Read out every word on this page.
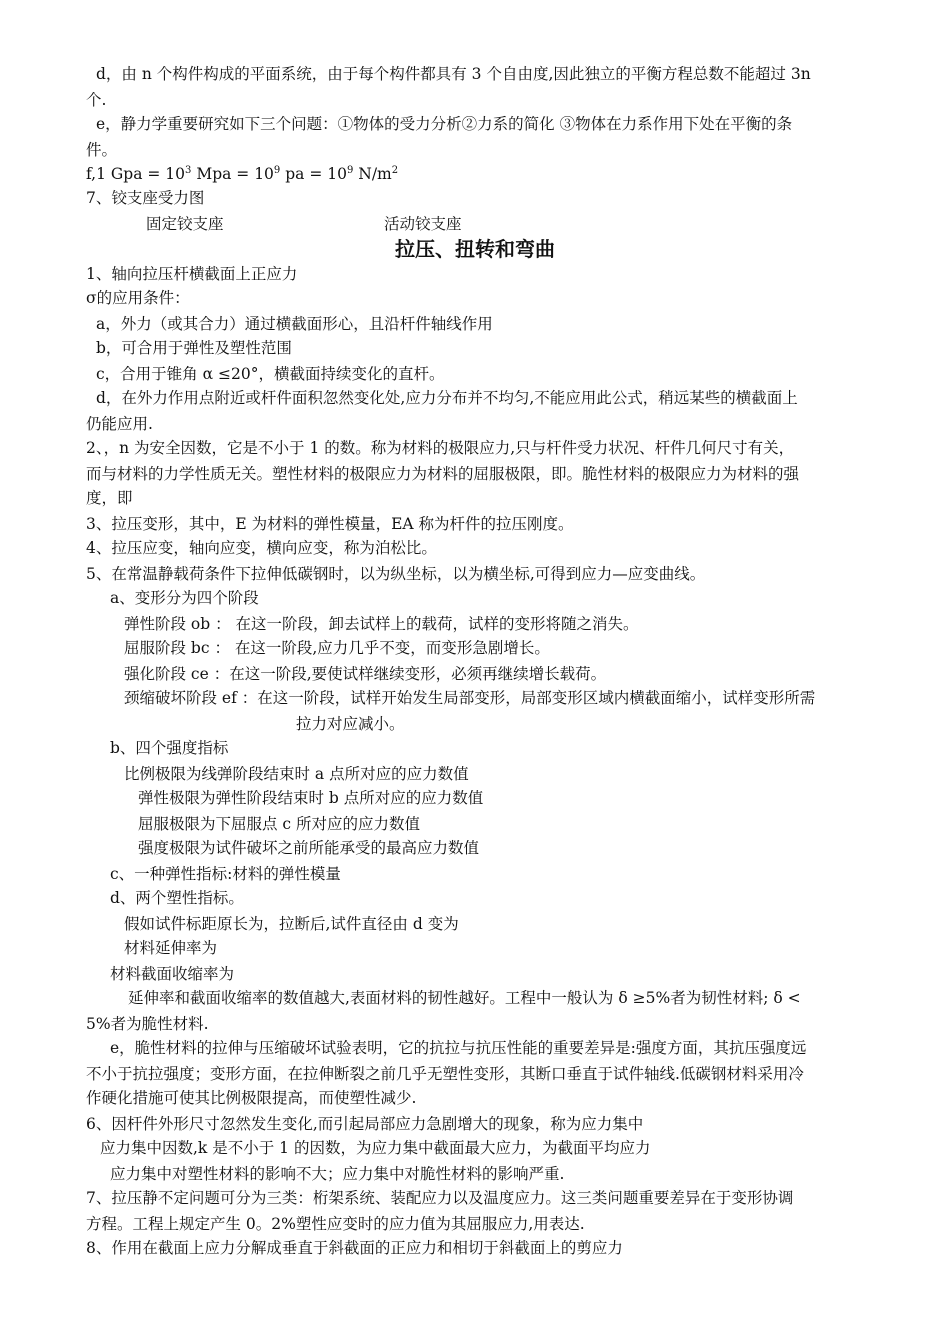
d，由 n 个构件构成的平面系统，由于每个构件都具有 3 个自由度,因此独立的平衡方程总数不能超过 3n
个.
e，静力学重要研究如下三个问题：①物体的受力分析②力系的简化 ③物体在力系作用下处在平衡的条
件。
f,1 Gpa = $10^3$ Mpa = $10^9$ pa = $10^9$ $N/m^2$
7、铰支座受力图
固定铰支座	活动铰支座
拉压、扭转和弯曲
1、轴向拉压杆横截面上正应力
σ的应用条件：
a，外力（或其合力）通过横截面形心，且沿杆件轴线作用
b，可合用于弹性及塑性范围
c，合用于锥角 α ≤20°，横截面持续变化的直杆。
d，在外力作用点附近或杆件面积忽然变化处,应力分布并不均匀,不能应用此公式，稍远某些的横截面上
仍能应用.
2、，n 为安全因数，它是不小于 1 的数。称为材料的极限应力,只与杆件受力状况、杆件几何尺寸有关，
而与材料的力学性质无关。塑性材料的极限应力为材料的屈服极限，即。脆性材料的极限应力为材料的强
度，即
3、拉压变形，其中，E 为材料的弹性模量，EA 称为杆件的拉压刚度。
4、拉压应变，轴向应变，横向应变，称为泊松比。
5、在常温静载荷条件下拉伸低碳钢时，以为纵坐标，以为横坐标,可得到应力—应变曲线。
a、变形分为四个阶段
弹性阶段 ob ： 在这一阶段，卸去试样上的载荷，试样的变形将随之消失。
屈服阶段 bc ： 在这一阶段,应力几乎不变，而变形急剧增长。
强化阶段 ce ：在这一阶段,要使试样继续变形，必须再继续增长载荷。
颈缩破坏阶段 ef ：在这一阶段，试样开始发生局部变形，局部变形区域内横截面缩小，试样变形所需
拉力对应减小。
b、四个强度指标
比例极限为线弹阶段结束时 a 点所对应的应力数值
弹性极限为弹性阶段结束时 b 点所对应的应力数值
屈服极限为下屈服点 c 所对应的应力数值
强度极限为试件破坏之前所能承受的最高应力数值
c、一种弹性指标:材料的弹性模量
d、两个塑性指标。
假如试件标距原长为，拉断后,试件直径由 d 变为
材料延伸率为
材料截面收缩率为
延伸率和截面收缩率的数值越大,表面材料的韧性越好。工程中一般认为 δ ≥5%者为韧性材料; δ <
5%者为脆性材料.
e，脆性材料的拉伸与压缩破坏试验表明，它的抗拉与抗压性能的重要差异是:强度方面，其抗压强度远
不小于抗拉强度；变形方面，在拉伸断裂之前几乎无塑性变形，其断口垂直于试件轴线.低碳钢材料采用冷
作硬化措施可使其比例极限提高，而使塑性减少.
6、因杆件外形尺寸忽然发生变化,而引起局部应力急剧增大的现象，称为应力集中
应力集中因数,k 是不小于 1 的因数，为应力集中截面最大应力，为截面平均应力
应力集中对塑性材料的影响不大；应力集中对脆性材料的影响严重.
7、拉压静不定问题可分为三类：桁架系统、装配应力以及温度应力。这三类问题重要差异在于变形协调
方程。工程上规定产生 0。2%塑性应变时的应力值为其屈服应力,用表达.
8、作用在截面上应力分解成垂直于斜截面的正应力和相切于斜截面上的剪应力
